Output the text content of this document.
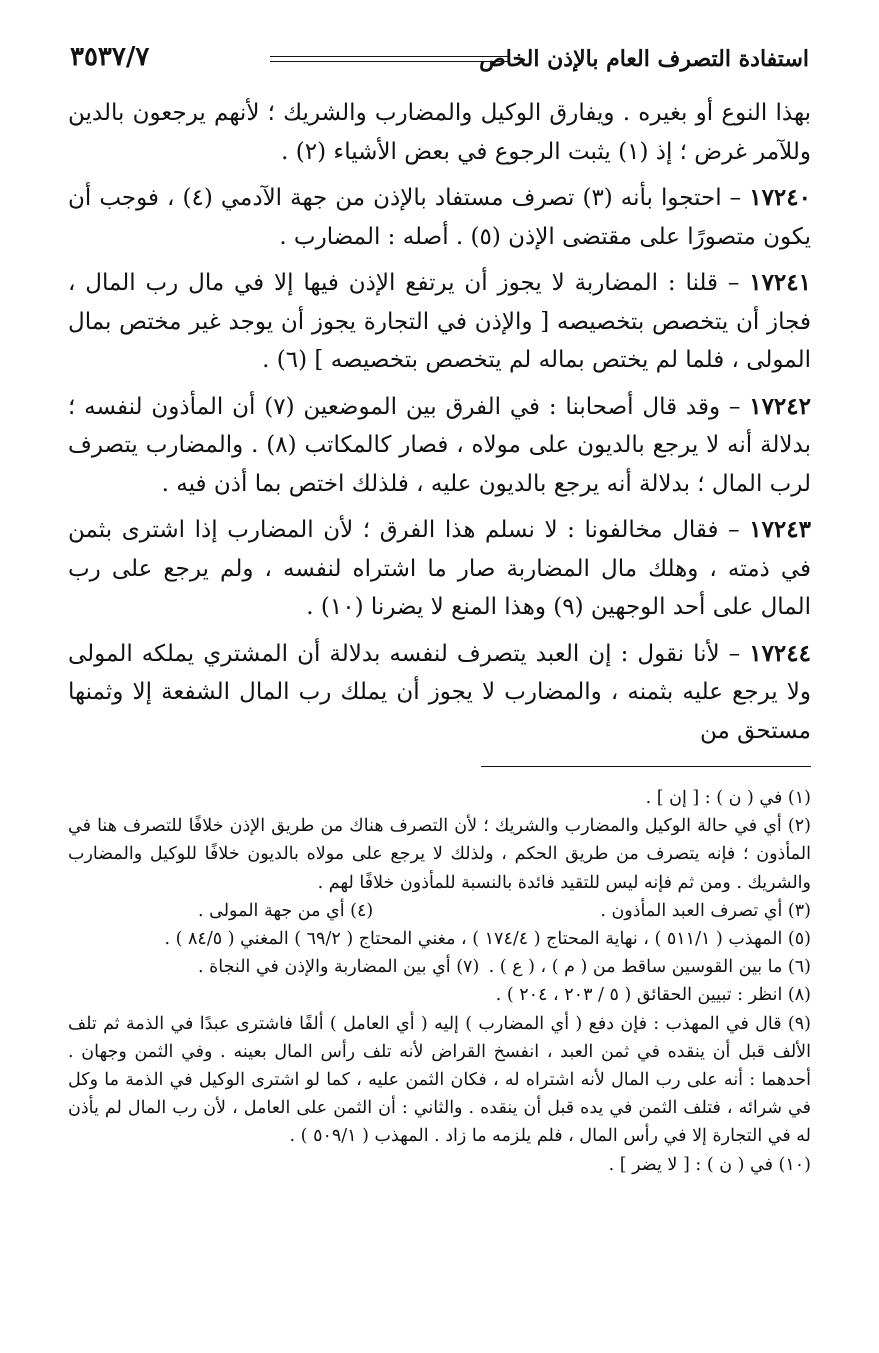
استفادة التصرف العام بالإذن الخاص
٣٥٣٧/٧

بهذا النوع أو بغيره . ويفارق الوكيل والمضارب والشريك ؛ لأنهم يرجعون بالدين وللآمر غرض ؛ إذ (١) يثبت الرجوع في بعض الأشياء (٢) .

١٧٢٤٠ – احتجوا بأنه (٣) تصرف مستفاد بالإذن من جهة الآدمي (٤) ، فوجب أن يكون متصورًا على مقتضى الإذن (٥) . أصله : المضارب .

١٧٢٤١ – قلنا : المضاربة لا يجوز أن يرتفع الإذن فيها إلا في مال رب المال ، فجاز أن يتخصص بتخصيصه [ والإذن في التجارة يجوز أن يوجد غير مختص بمال المولى ، فلما لم يختص بماله لم يتخصص بتخصيصه ] (٦) .

١٧٢٤٢ – وقد قال أصحابنا : في الفرق بين الموضعين (٧) أن المأذون لنفسه ؛ بدلالة أنه لا يرجع بالديون على مولاه ، فصار كالمكاتب (٨) . والمضارب يتصرف لرب المال ؛ بدلالة أنه يرجع بالديون عليه ، فلذلك اختص بما أذن فيه .

١٧٢٤٣ – فقال مخالفونا : لا نسلم هذا الفرق ؛ لأن المضارب إذا اشترى بثمن في ذمته ، وهلك مال المضاربة صار ما اشتراه لنفسه ، ولم يرجع على رب المال على أحد الوجهين (٩) وهذا المنع لا يضرنا (١٠) .

١٧٢٤٤ – لأنا نقول : إن العبد يتصرف لنفسه بدلالة أن المشتري يملكه المولى ولا يرجع عليه بثمنه ، والمضارب لا يجوز أن يملك رب المال الشفعة إلا وثمنها مستحق من

(١) في ( ن ) : [ إن ] .

(٢) أي في حالة الوكيل والمضارب والشريك ؛ لأن التصرف هناك من طريق الإذن خلافًا للتصرف هنا في المأذون ؛ فإنه يتصرف من طريق الحكم ، ولذلك لا يرجع على مولاه بالديون خلافًا للوكيل والمضارب والشريك . ومن ثم فإنه ليس للتقيد فائدة بالنسبة للمأذون خلافًا لهم .

(٣) أي تصرف العبد المأذون .
(٤) أي من جهة المولى .

(٥) المهذب ( ٥١١/١ ) ، نهاية المحتاج ( ١٧٤/٤ ) ، مغني المحتاج ( ٦٩/٢ ) المغني ( ٨٤/٥ ) .

(٦) ما بين القوسين ساقط من ( م ) ، ( ع ) .
(٧) أي بين المضاربة والإذن في النجاة .

(٨) انظر : تبيين الحقائق ( ٥ / ٢٠٣ ، ٢٠٤ ) .

(٩) قال في المهذب : فإن دفع ( أي المضارب ) إليه ( أي العامل ) ألفًا فاشترى عبدًا في الذمة ثم تلف الألف قبل أن ينقده في ثمن العبد ، انفسخ القراض لأنه تلف رأس المال بعينه . وفي الثمن وجهان . أحدهما : أنه على رب المال لأنه اشتراه له ، فكان الثمن عليه ، كما لو اشترى الوكيل في الذمة ما وكل في شرائه ، فتلف الثمن في يده قبل أن ينقده . والثاني : أن الثمن على العامل ، لأن رب المال لم يأذن له في التجارة إلا في رأس المال ، فلم يلزمه ما زاد . المهذب ( ٥٠٩/١ ) .

(١٠) في ( ن ) : [ لا يضر ] .
